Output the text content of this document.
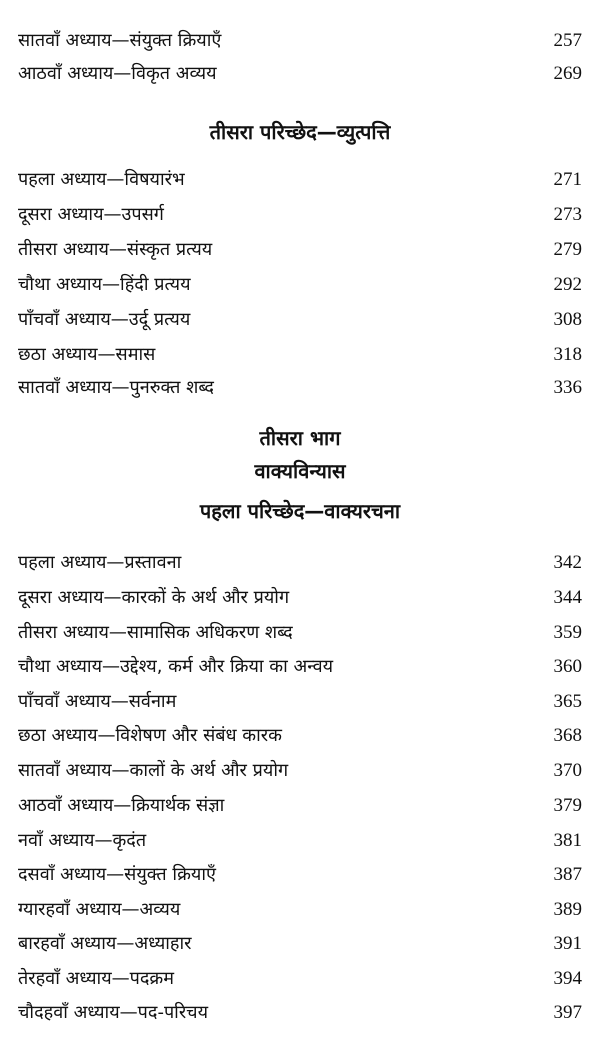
सातवाँ अध्याय—संयुक्त क्रियाएँ	257
आठवाँ अध्याय—विकृत अव्यय	269
तीसरा परिच्छेद—व्युत्पत्ति
पहला अध्याय—विषयारंभ	271
दूसरा अध्याय—उपसर्ग	273
तीसरा अध्याय—संस्कृत प्रत्यय	279
चौथा अध्याय—हिंदी प्रत्यय	292
पाँचवाँ अध्याय—उर्दू प्रत्यय	308
छठा अध्याय—समास	318
सातवाँ अध्याय—पुनरुक्त शब्द	336
तीसरा भाग
वाक्यविन्यास
पहला परिच्छेद—वाक्यरचना
पहला अध्याय—प्रस्तावना	342
दूसरा अध्याय—कारकों के अर्थ और प्रयोग	344
तीसरा अध्याय—सामासिक अधिकरण शब्द	359
चौथा अध्याय—उद्देश्य, कर्म और क्रिया का अन्वय	360
पाँचवाँ अध्याय—सर्वनाम	365
छठा अध्याय—विशेषण और संबंध कारक	368
सातवाँ अध्याय—कालों के अर्थ और प्रयोग	370
आठवाँ अध्याय—क्रियार्थक संज्ञा	379
नवाँ अध्याय—कृदंत	381
दसवाँ अध्याय—संयुक्त क्रियाएँ	387
ग्यारहवाँ अध्याय—अव्यय	389
बारहवाँ अध्याय—अध्याहार	391
तेरहवाँ अध्याय—पदक्रम	394
चौदहवाँ अध्याय—पद-परिचय	397
